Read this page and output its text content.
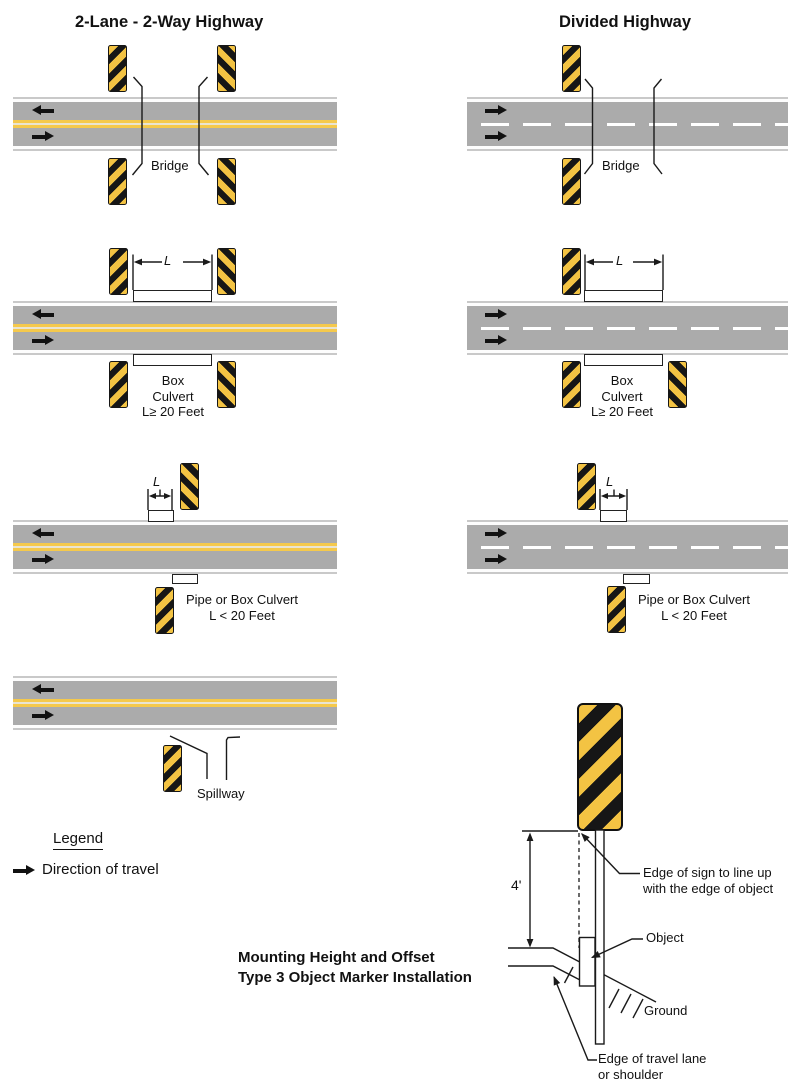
2-Lane - 2-Way Highway	Divided Highway
Bridge	Bridge
Box
Culvert
L≥ 20 Feet
Box
Culvert
L≥ 20 Feet
L	L
L	L
Pipe or Box Culvert
L < 20 Feet
Pipe or Box Culvert
L < 20 Feet
Spillway
Legend
Direction of travel
Mounting Height and Offset
Type 3 Object Marker Installation
4'
Edge of sign to line up
with the edge of object
Object
Ground
Edge of travel lane
or shoulder
